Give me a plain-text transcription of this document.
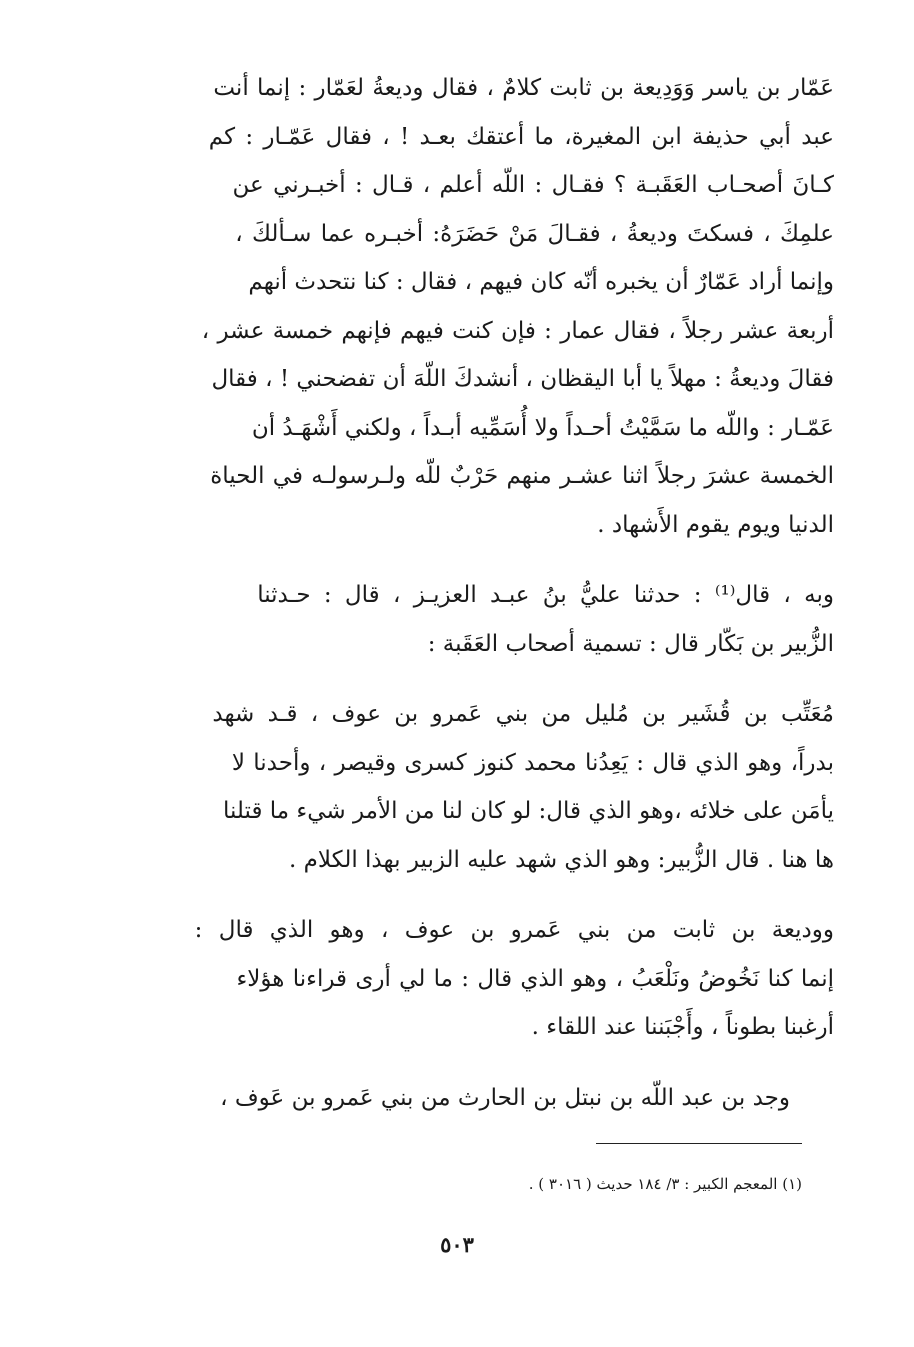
عَمّار بن ياسر وَوَدِيعة بن ثابت كلامٌ ، فقال وديعةُ لعَمّار : إنما أنت
عبد أبي حذيفة ابن المغيرة، ما أعتقك بعـد ! ، فقال عَمّـار : كم
كـانَ أصحـاب العَقَبـة ؟ فقـال : اللّه أعلم ، قـال : أخبـرني عن
علمِكَ ، فسكتَ وديعةُ ، فقـالَ مَنْ حَضَرَهُ: أخبـره عما سـألكَ ،
وإنما أراد عَمّارٌ أن يخبره أنّه كان فيهم ، فقال : كنا نتحدث أنهم
أربعة عشر رجلاً ، فقال عمار : فإن كنت فيهم فإنهم خمسة عشر ،
فقالَ وديعةُ : مهلاً يا أبا اليقظان ، أنشدكَ اللّهَ أن تفضحني ! ، فقال
عَمّـار : واللّه ما سَمَّيْتُ أحـداً ولا أُسَمِّيه أبـداً ، ولكني أَشْهَـدُ أن
الخمسة عشرَ رجلاً اثنا عشـر منهم حَرْبٌ للّه ولـرسولـه في الحياة
الدنيا ويوم يقوم الأَشهاد .
وبه ، قال⁽¹⁾ : حدثنا عليُّ بنُ عبـد العزيـز ، قال : حـدثنا
الزُّبير بن بَكّار قال : تسمية أصحاب العَقَبة :
مُعَتِّب بن قُشَير بن مُليل من بني عَمرو بن عوف ، قـد شهد
بدراً، وهو الذي قال : يَعِدُنا محمد كنوز كسرى وقيصر ، وأحدنا لا
يأمَن على خلائه ،وهو الذي قال: لو كان لنا من الأمر شيء ما قتلنا
ها هنا . قال الزُّبير: وهو الذي شهد عليه الزبير بهذا الكلام .
ووديعة بن ثابت من بني عَمرو بن عوف ، وهو الذي قال :
إنما كنا نَخُوضُ ونَلْعَبُ ، وهو الذي قال : ما لي أرى قراءنا هؤلاء
أرغبنا بطوناً ، وأَجْبَننا عند اللقاء .
وجد بن عبد اللّه بن نبتل بن الحارث من بني عَمرو بن عَوف ،
(١) المعجم الكبير : ٣/ ١٨٤ حديث ( ٣٠١٦ ) .
٥٠٣
